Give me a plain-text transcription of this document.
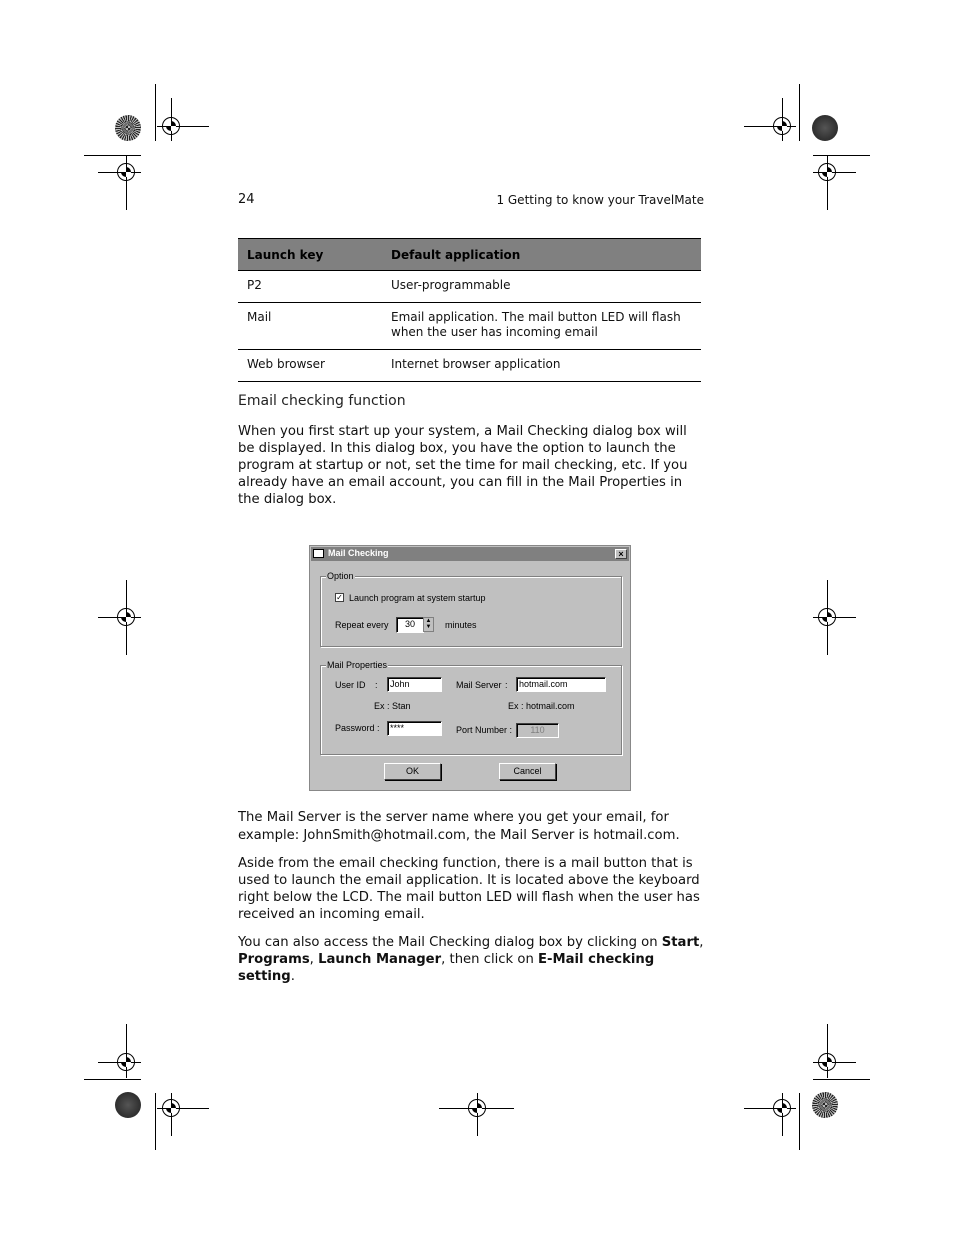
24	1 Getting to know your TravelMate
Launch key	Default application
P2	User-programmable
Mail	Email application. The mail button LED will flash when the user has incoming email
Web browser	Internet browser application
Email checking function
When you first start up your system, a Mail Checking dialog box will be displayed. In this dialog box, you have the option to launch the program at startup or not, set the time for mail checking, etc. If you already have an email account, you can fill in the Mail Properties in the dialog box.
Mail Checking	×
Option
✓ Launch program at system startup
Repeat every	30	▲
▼ minutes
Mail Properties
User ID :	John
Ex : Stan
Mail Server :	hotmail.com
Ex : hotmail.com
Password :	****	Port Number :	110
OK	Cancel
The Mail Server is the server name where you get your email, for example: JohnSmith@hotmail.com, the Mail Server is hotmail.com.
Aside from the email checking function, there is a mail button that is used to launch the email application. It is located above the keyboard right below the LCD. The mail button LED will flash when the user has received an incoming email.
You can also access the Mail Checking dialog box by clicking on Start, Programs, Launch Manager, then click on E-Mail checking setting.
